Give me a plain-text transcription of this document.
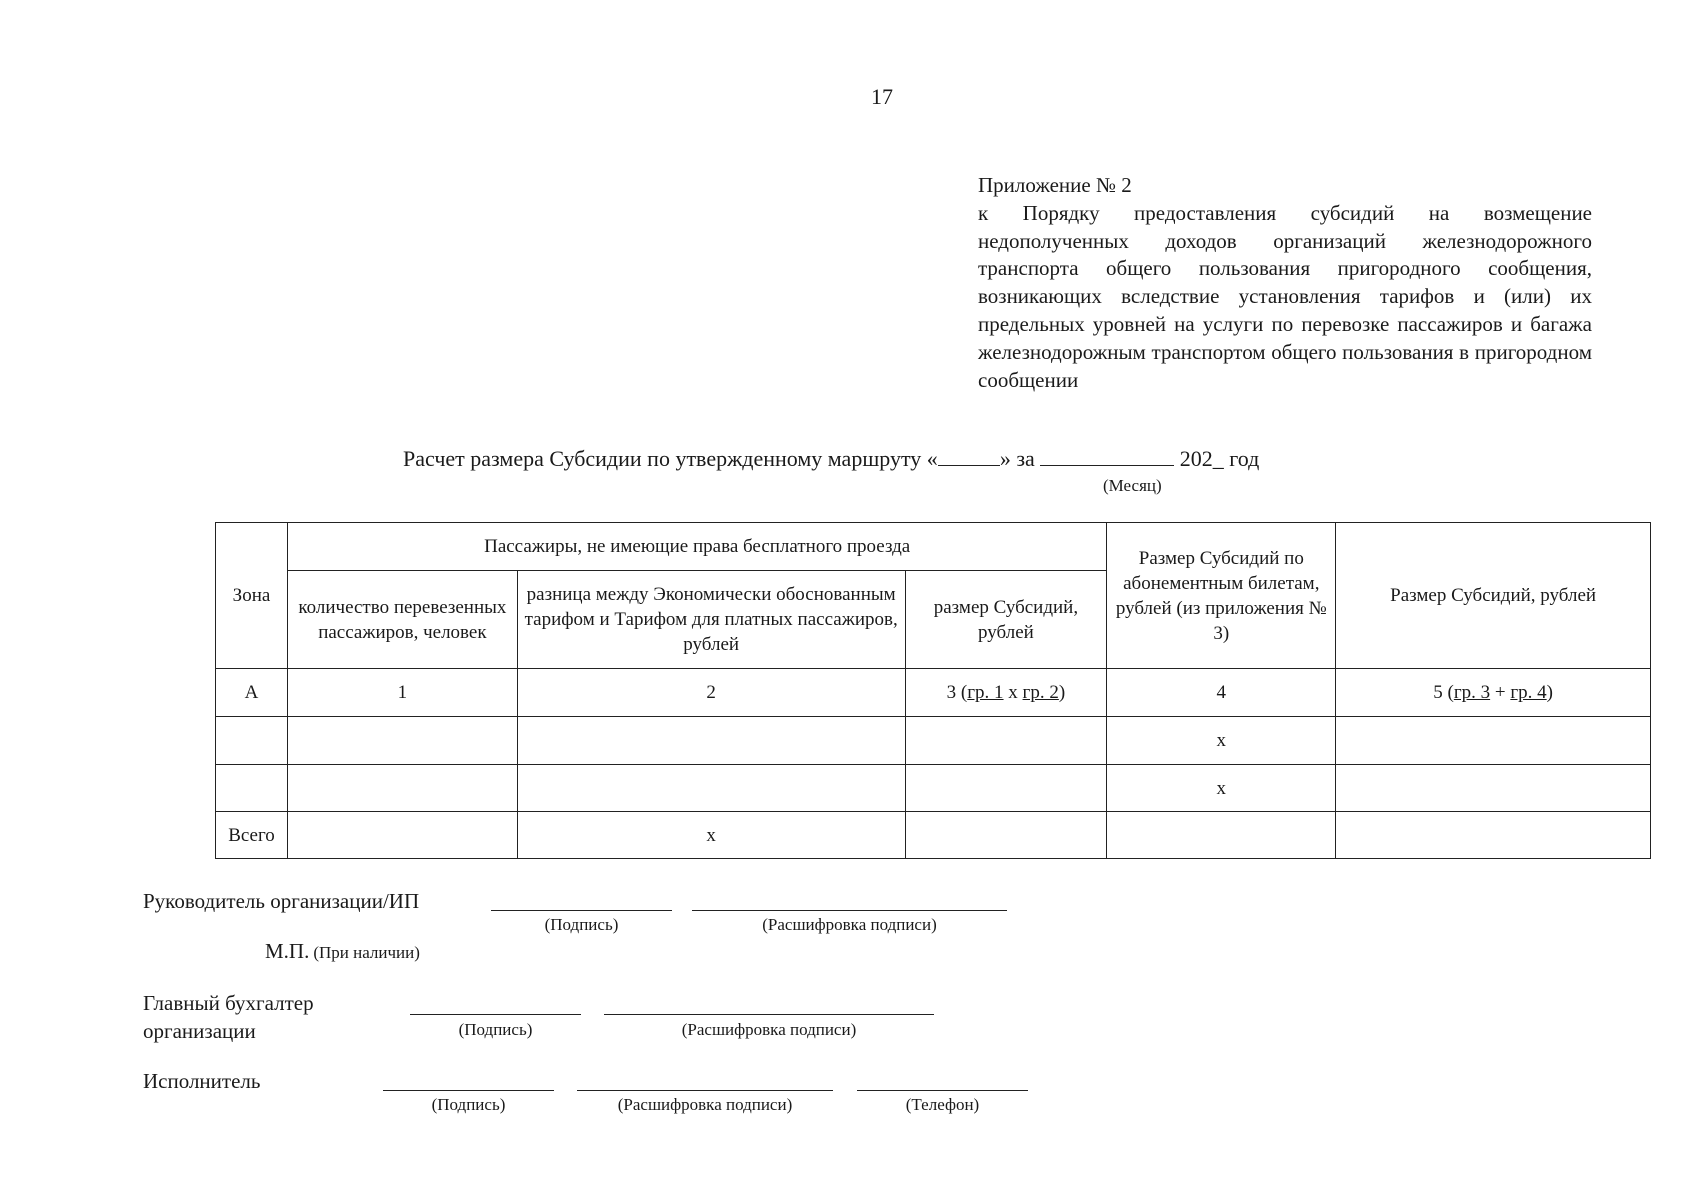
17
Приложение № 2
к Порядку предоставления субсидий на возмещение недополученных доходов организаций железнодорожного транспорта общего пользования пригородного сообщения, возникающих вследствие установления тарифов и (или) их предельных уровней на услуги по перевозке пассажиров и багажа железнодорожным транспортом общего пользования в пригородном сообщении
Расчет размера Субсидии по утвержденному маршруту «	» за	202_ год
(Месяц)
Зона	Пассажиры, не имеющие права бесплатного проезда			Размер Субсидий по абонементным билетам, рублей (из приложения № 3)	Размер Субсидий, рублей
	количество перевезенных пассажиров, человек	разница между Экономически обоснованным тарифом и Тарифом для платных пассажиров, рублей	размер Субсидий, рублей		
А	1	2	3 (гр. 1 x гр. 2)	4	5 (гр. 3 + гр. 4)
				x	
				x	
Всего		x			
Руководитель организации/ИП
(Подпись)	(Расшифровка подписи)
М.П. (При наличии)
Главный бухгалтер
организации	(Подпись)	(Расшифровка подписи)
Исполнитель
(Подпись)	(Расшифровка подписи)	(Телефон)
